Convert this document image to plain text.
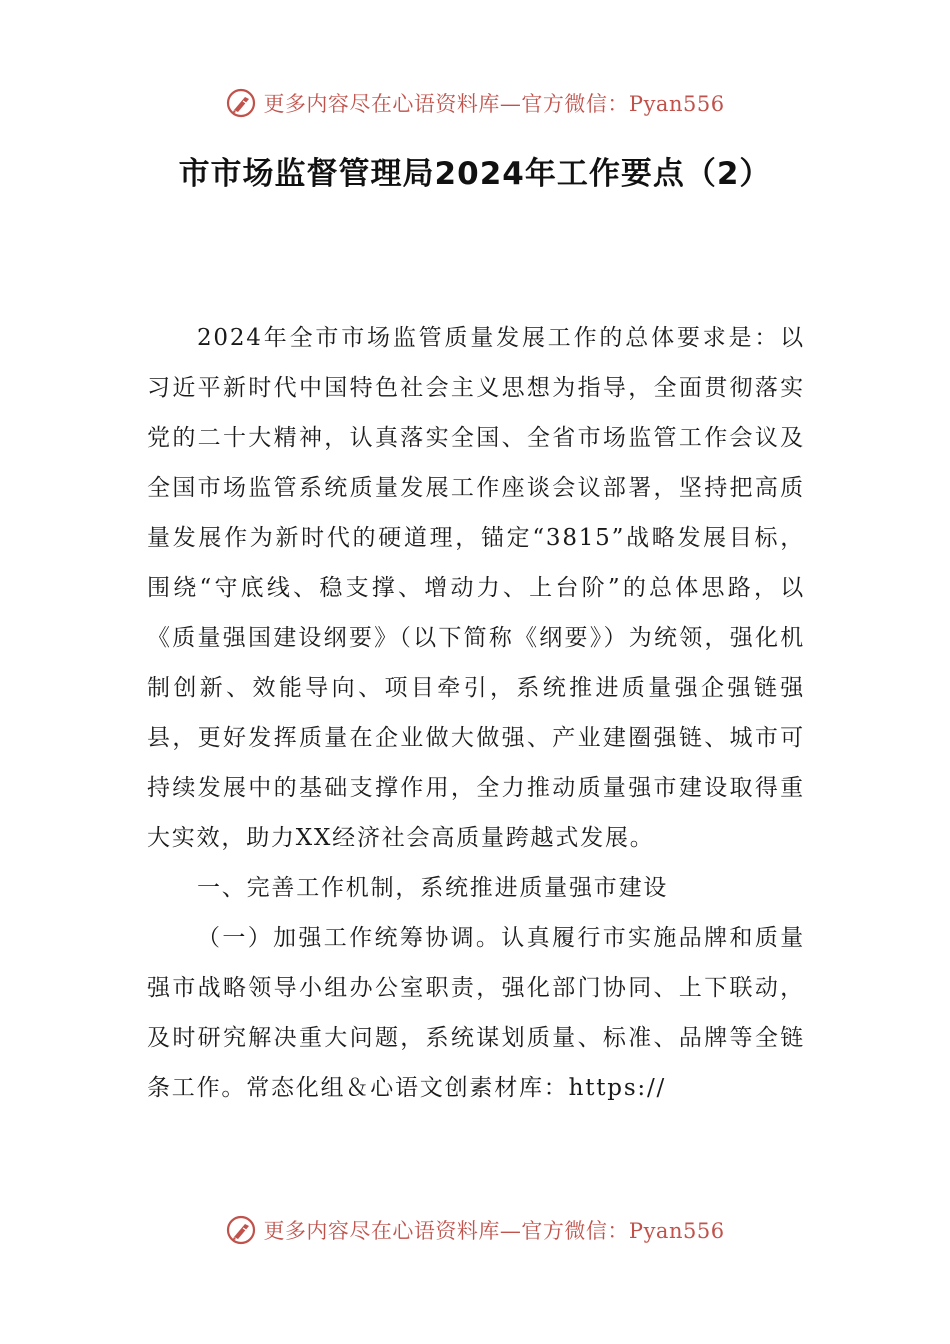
更多内容尽在心语资料库—官方微信：Pyan556
市市场监督管理局2024年工作要点（2）

2024年全市市场监管质量发展工作的总体要求是：以习近平新时代中国特色社会主义思想为指导，全面贯彻落实党的二十大精神，认真落实全国、全省市场监管工作会议及全国市场监管系统质量发展工作座谈会议部署，坚持把高质量发展作为新时代的硬道理，锚定“3815”战略发展目标，围绕“守底线、稳支撑、增动力、上台阶”的总体思路，以《质量强国建设纲要》（以下简称《纲要》）为统领，强化机制创新、效能导向、项目牵引，系统推进质量强企强链强县，更好发挥质量在企业做大做强、产业建圈强链、城市可持续发展中的基础支撑作用，全力推动质量强市建设取得重大实效，助力XX经济社会高质量跨越式发展。

一、完善工作机制，系统推进质量强市建设

（一）加强工作统筹协调。认真履行市实施品牌和质量强市战略领导小组办公室职责，强化部门协同、上下联动，及时研究解决重大问题，系统谋划质量、标准、品牌等全链条工作。常态化组＆心语文创素材库：https://

更多内容尽在心语资料库—官方微信：Pyan556
